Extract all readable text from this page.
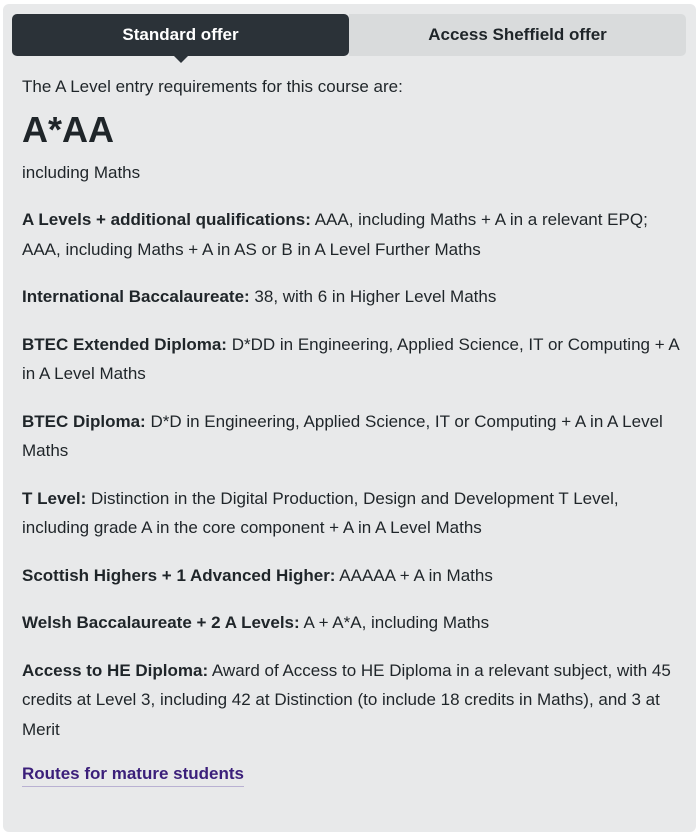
Standard offer	Access Sheffield offer

The A Level entry requirements for this course are:

A*AA

including Maths

A Levels + additional qualifications: AAA, including Maths + A in a relevant EPQ; AAA, including Maths + A in AS or B in A Level Further Maths

International Baccalaureate: 38, with 6 in Higher Level Maths

BTEC Extended Diploma: D*DD in Engineering, Applied Science, IT or Computing + A in A Level Maths

BTEC Diploma: D*D in Engineering, Applied Science, IT or Computing + A in A Level Maths

T Level: Distinction in the Digital Production, Design and Development T Level, including grade A in the core component + A in A Level Maths

Scottish Highers + 1 Advanced Higher: AAAAA + A in Maths

Welsh Baccalaureate + 2 A Levels: A + A*A, including Maths

Access to HE Diploma: Award of Access to HE Diploma in a relevant subject, with 45 credits at Level 3, including 42 at Distinction (to include 18 credits in Maths), and 3 at Merit

Routes for mature students
